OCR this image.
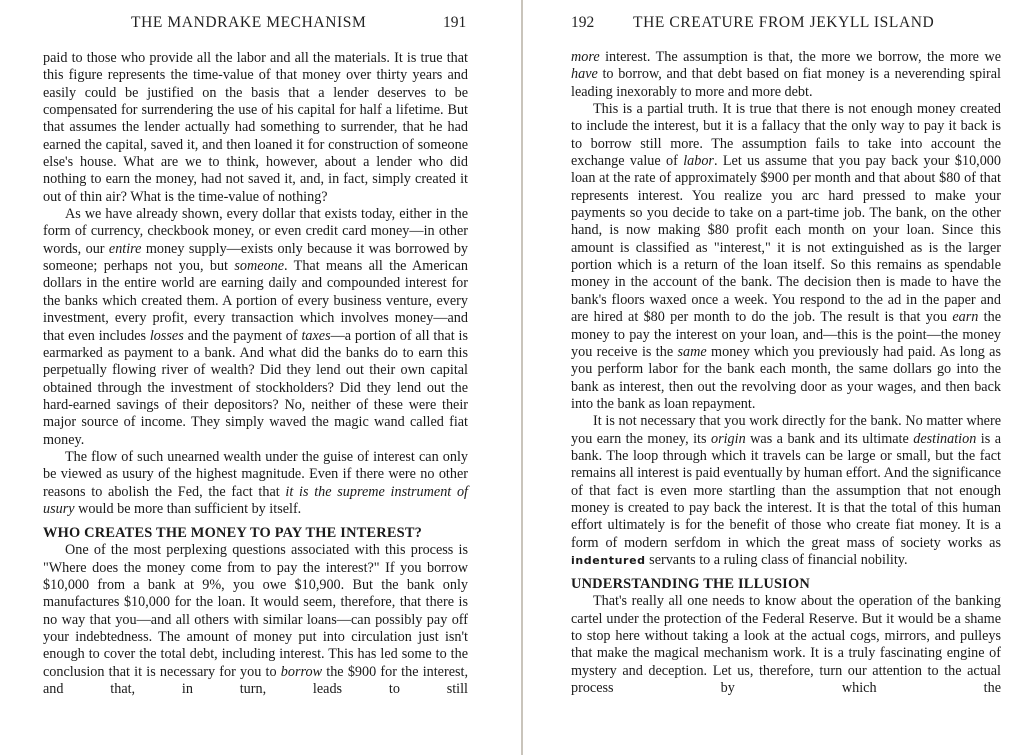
THE MANDRAKE MECHANISM	191

paid to those who provide all the labor and all the materials. It is true that this figure represents the time-value of that money over thirty years and easily could be justified on the basis that a lender deserves to be compensated for surrendering the use of his capital for half a lifetime. But that assumes the lender actually had something to surrender, that he had earned the capital, saved it, and then loaned it for construction of someone else's house. What are we to think, however, about a lender who did nothing to earn the money, had not saved it, and, in fact, simply created it out of thin air? What is the time-value of nothing?

As we have already shown, every dollar that exists today, either in the form of currency, checkbook money, or even credit card money—in other words, our entire money supply—exists only because it was borrowed by someone; perhaps not you, but someone. That means all the American dollars in the entire world are earning daily and compounded interest for the banks which created them. A portion of every business venture, every investment, every profit, every transaction which involves money—and that even includes losses and the payment of taxes—a portion of all that is earmarked as payment to a bank. And what did the banks do to earn this perpetually flowing river of wealth? Did they lend out their own capital obtained through the investment of stockholders? Did they lend out the hard-earned savings of their depositors? No, neither of these were their major source of income. They simply waved the magic wand called fiat money.

The flow of such unearned wealth under the guise of interest can only be viewed as usury of the highest magnitude. Even if there were no other reasons to abolish the Fed, the fact that it is the supreme instrument of usury would be more than sufficient by itself.

WHO CREATES THE MONEY TO PAY THE INTEREST?

One of the most perplexing questions associated with this process is "Where does the money come from to pay the interest?" If you borrow $10,000 from a bank at 9%, you owe $10,900. But the bank only manufactures $10,000 for the loan. It would seem, therefore, that there is no way that you—and all others with similar loans—can possibly pay off your indebtedness. The amount of money put into circulation just isn't enough to cover the total debt, including interest. This has led some to the conclusion that it is necessary for you to borrow the $900 for the interest, and that, in turn, leads to still

192	THE CREATURE FROM JEKYLL ISLAND

more interest. The assumption is that, the more we borrow, the more we have to borrow, and that debt based on fiat money is a neverending spiral leading inexorably to more and more debt.

This is a partial truth. It is true that there is not enough money created to include the interest, but it is a fallacy that the only way to pay it back is to borrow still more. The assumption fails to take into account the exchange value of labor. Let us assume that you pay back your $10,000 loan at the rate of approximately $900 per month and that about $80 of that represents interest. You realize you arc hard pressed to make your payments so you decide to take on a part-time job. The bank, on the other hand, is now making $80 profit each month on your loan. Since this amount is classified as "interest," it is not extinguished as is the larger portion which is a return of the loan itself. So this remains as spendable money in the account of the bank. The decision then is made to have the bank's floors waxed once a week. You respond to the ad in the paper and are hired at $80 per month to do the job. The result is that you earn the money to pay the interest on your loan, and—this is the point—the money you receive is the same money which you previously had paid. As long as you perform labor for the bank each month, the same dollars go into the bank as interest, then out the revolving door as your wages, and then back into the bank as loan repayment.

It is not necessary that you work directly for the bank. No matter where you earn the money, its origin was a bank and its ultimate destination is a bank. The loop through which it travels can be large or small, but the fact remains all interest is paid eventually by human effort. And the significance of that fact is even more startling than the assumption that not enough money is created to pay back the interest. It is that the total of this human effort ultimately is for the benefit of those who create fiat money. It is a form of modern serfdom in which the great mass of society works as indentured servants to a ruling class of financial nobility.

UNDERSTANDING THE ILLUSION

That's really all one needs to know about the operation of the banking cartel under the protection of the Federal Reserve. But it would be a shame to stop here without taking a look at the actual cogs, mirrors, and pulleys that make the magical mechanism work. It is a truly fascinating engine of mystery and deception. Let us, therefore, turn our attention to the actual process by which the
